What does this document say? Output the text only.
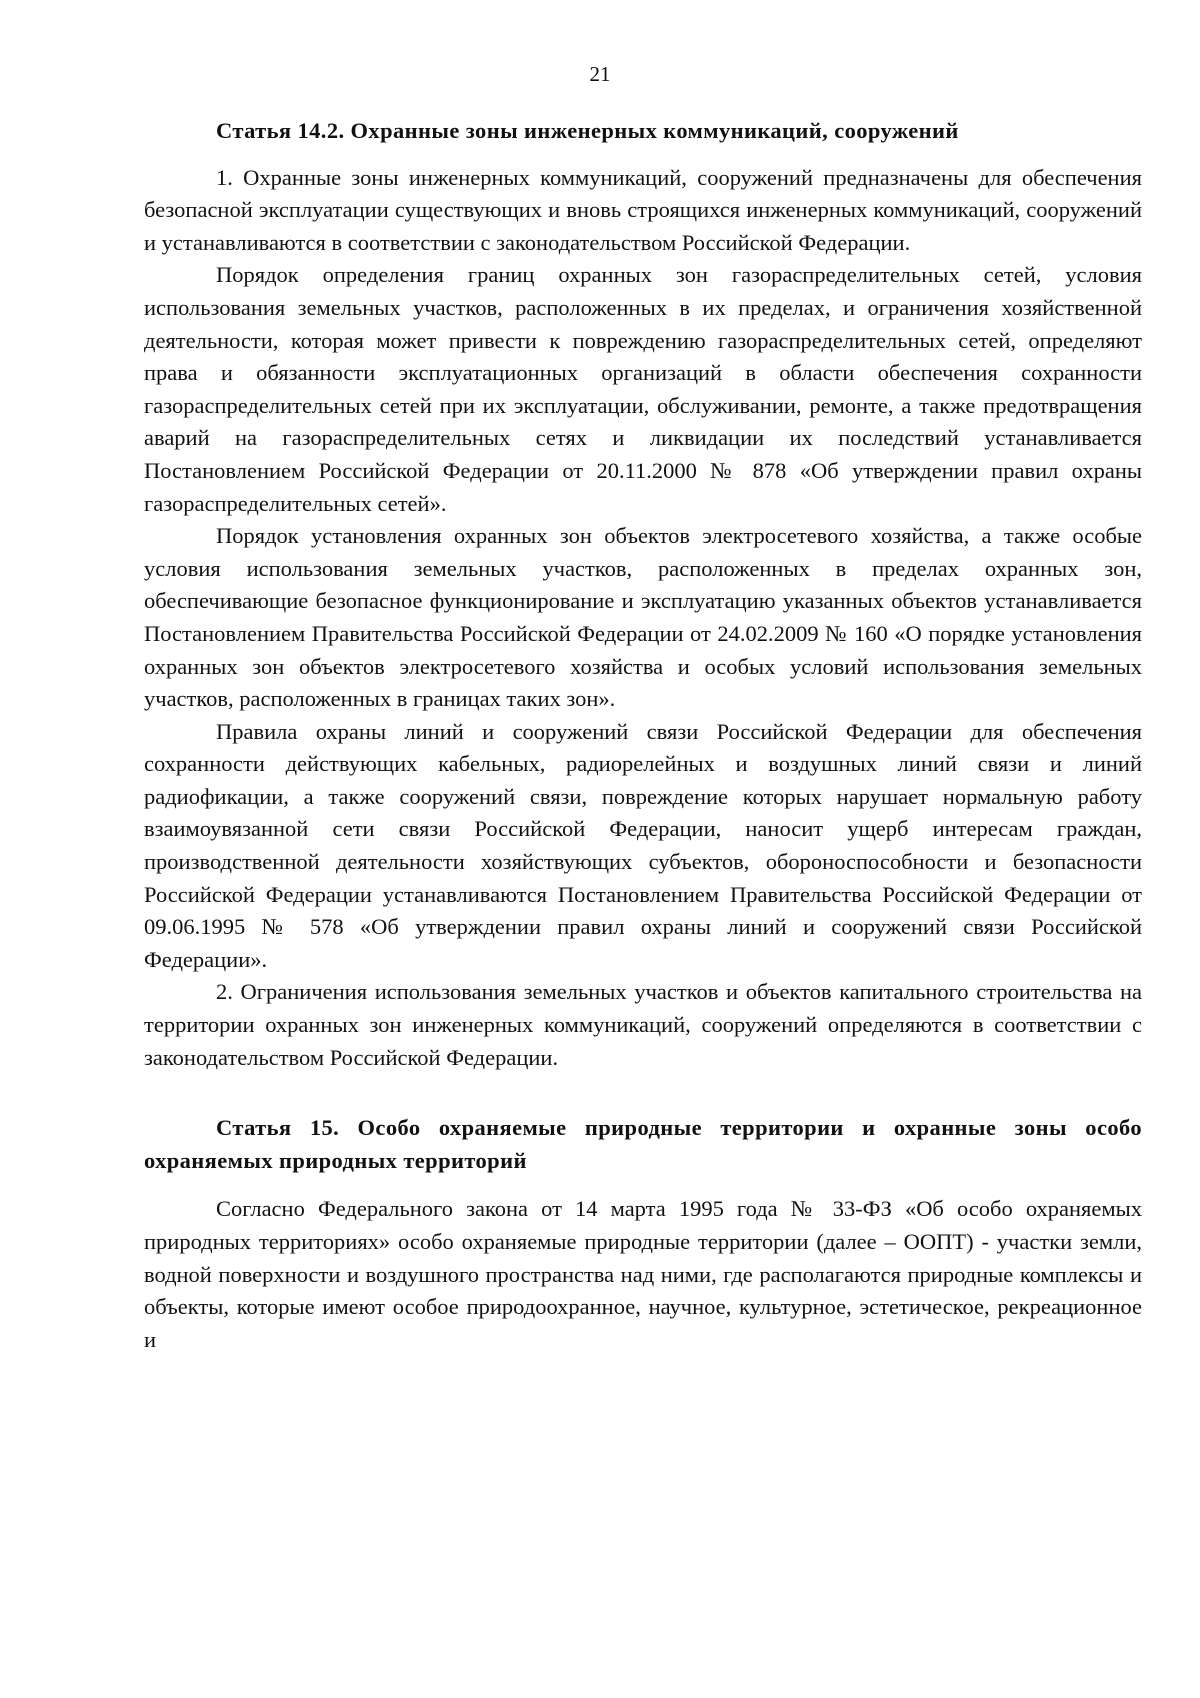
21
Статья 14.2. Охранные зоны инженерных коммуникаций, сооружений

1. Охранные зоны инженерных коммуникаций, сооружений предназначены для обеспечения безопасной эксплуатации существующих и вновь строящихся инженерных коммуникаций, сооружений и устанавливаются в соответствии с законодательством Российской Федерации.

Порядок определения границ охранных зон газораспределительных сетей, условия использования земельных участков, расположенных в их пределах, и ограничения хозяйственной деятельности, которая может привести к повреждению газораспределительных сетей, определяют права и обязанности эксплуатационных организаций в области обеспечения сохранности газораспределительных сетей при их эксплуатации, обслуживании, ремонте, а также предотвращения аварий на газораспределительных сетях и ликвидации их последствий устанавливается Постановлением Российской Федерации от 20.11.2000 № 878 «Об утверждении правил охраны газораспределительных сетей».

Порядок установления охранных зон объектов электросетевого хозяйства, а также особые условия использования земельных участков, расположенных в пределах охранных зон, обеспечивающие безопасное функционирование и эксплуатацию указанных объектов устанавливается Постановлением Правительства Российской Федерации от 24.02.2009 № 160 «О порядке установления охранных зон объектов электросетевого хозяйства и особых условий использования земельных участков, расположенных в границах таких зон».

Правила охраны линий и сооружений связи Российской Федерации для обеспечения сохранности действующих кабельных, радиорелейных и воздушных линий связи и линий радиофикации, а также сооружений связи, повреждение которых нарушает нормальную работу взаимоувязанной сети связи Российской Федерации, наносит ущерб интересам граждан, производственной деятельности хозяйствующих субъектов, обороноспособности и безопасности Российской Федерации устанавливаются Постановлением Правительства Российской Федерации от 09.06.1995 № 578 «Об утверждении правил охраны линий и сооружений связи Российской Федерации».

2. Ограничения использования земельных участков и объектов капитального строительства на территории охранных зон инженерных коммуникаций, сооружений определяются в соответствии с законодательством Российской Федерации.

Статья 15. Особо охраняемые природные территории и охранные зоны особо охраняемых природных территорий

Согласно Федерального закона от 14 марта 1995 года № 33-ФЗ «Об особо охраняемых природных территориях» особо охраняемые природные территории (далее – ООПТ) - участки земли, водной поверхности и воздушного пространства над ними, где располагаются природные комплексы и объекты, которые имеют особое природоохранное, научное, культурное, эстетическое, рекреационное и
